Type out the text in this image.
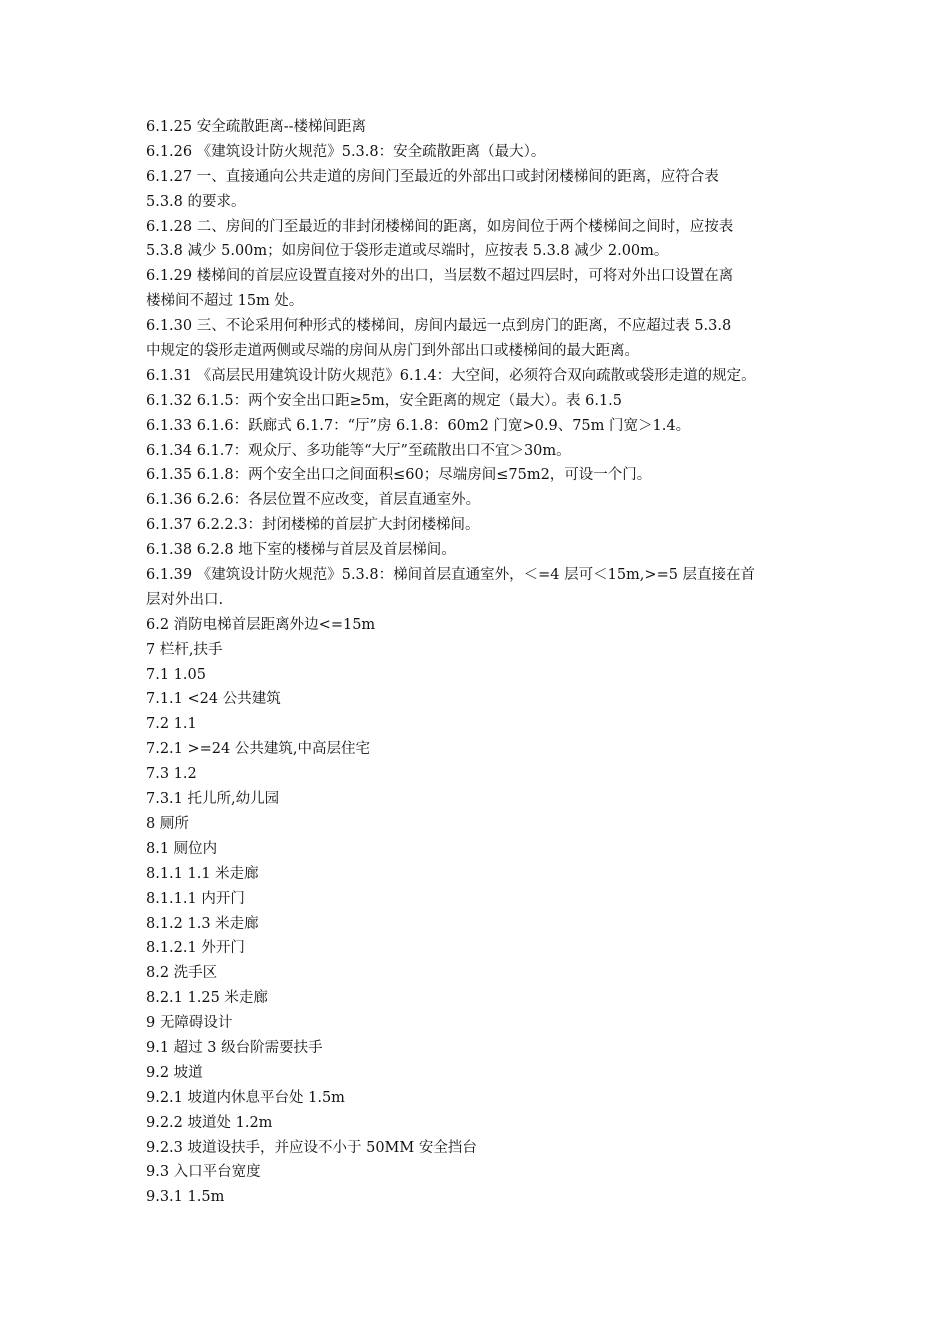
6.1.25 安全疏散距离--楼梯间距离
6.1.26 《建筑设计防火规范》5.3.8：安全疏散距离（最大）。
6.1.27 一、直接通向公共走道的房间门至最近的外部出口或封闭楼梯间的距离，应符合表
5.3.8 的要求。
6.1.28 二、房间的门至最近的非封闭楼梯间的距离，如房间位于两个楼梯间之间时，应按表
5.3.8 减少 5.00m；如房间位于袋形走道或尽端时，应按表 5.3.8 减少 2.00m。
6.1.29 楼梯间的首层应设置直接对外的出口，当层数不超过四层时，可将对外出口设置在离
楼梯间不超过 15m 处。
6.1.30 三、不论采用何种形式的楼梯间，房间内最远一点到房门的距离，不应超过表 5.3.8
中规定的袋形走道两侧或尽端的房间从房门到外部出口或楼梯间的最大距离。
6.1.31 《高层民用建筑设计防火规范》6.1.4：大空间，必须符合双向疏散或袋形走道的规定。
6.1.32 6.1.5：两个安全出口距≥5m，安全距离的规定（最大）。表 6.1.5
6.1.33 6.1.6：跃廊式 6.1.7：“厅”房 6.1.8：60m2 门宽>0.9、75m 门宽＞1.4。
6.1.34 6.1.7：观众厅、多功能等“大厅”至疏散出口不宜＞30m。
6.1.35 6.1.8：两个安全出口之间面积≤60；尽端房间≤75m2，可设一个门。
6.1.36 6.2.6：各层位置不应改变，首层直通室外。
6.1.37 6.2.2.3：封闭楼梯的首层扩大封闭楼梯间。
6.1.38 6.2.8 地下室的楼梯与首层及首层梯间。
6.1.39 《建筑设计防火规范》5.3.8：梯间首层直通室外，＜=4 层可＜15m,>=5 层直接在首
层对外出口.
6.2 消防电梯首层距离外边<=15m
7 栏杆,扶手
7.1 1.05
7.1.1 <24 公共建筑
7.2 1.1
7.2.1 >=24 公共建筑,中高层住宅
7.3 1.2
7.3.1 托儿所,幼儿园
8 厕所
8.1 厕位内
8.1.1 1.1 米走廊
8.1.1.1 内开门
8.1.2 1.3 米走廊
8.1.2.1 外开门
8.2 洗手区
8.2.1 1.25 米走廊
9 无障碍设计
9.1 超过 3 级台阶需要扶手
9.2 坡道
9.2.1 坡道内休息平台处 1.5m
9.2.2 坡道处 1.2m
9.2.3 坡道设扶手，并应设不小于 50MM 安全挡台
9.3 入口平台宽度
9.3.1 1.5m
